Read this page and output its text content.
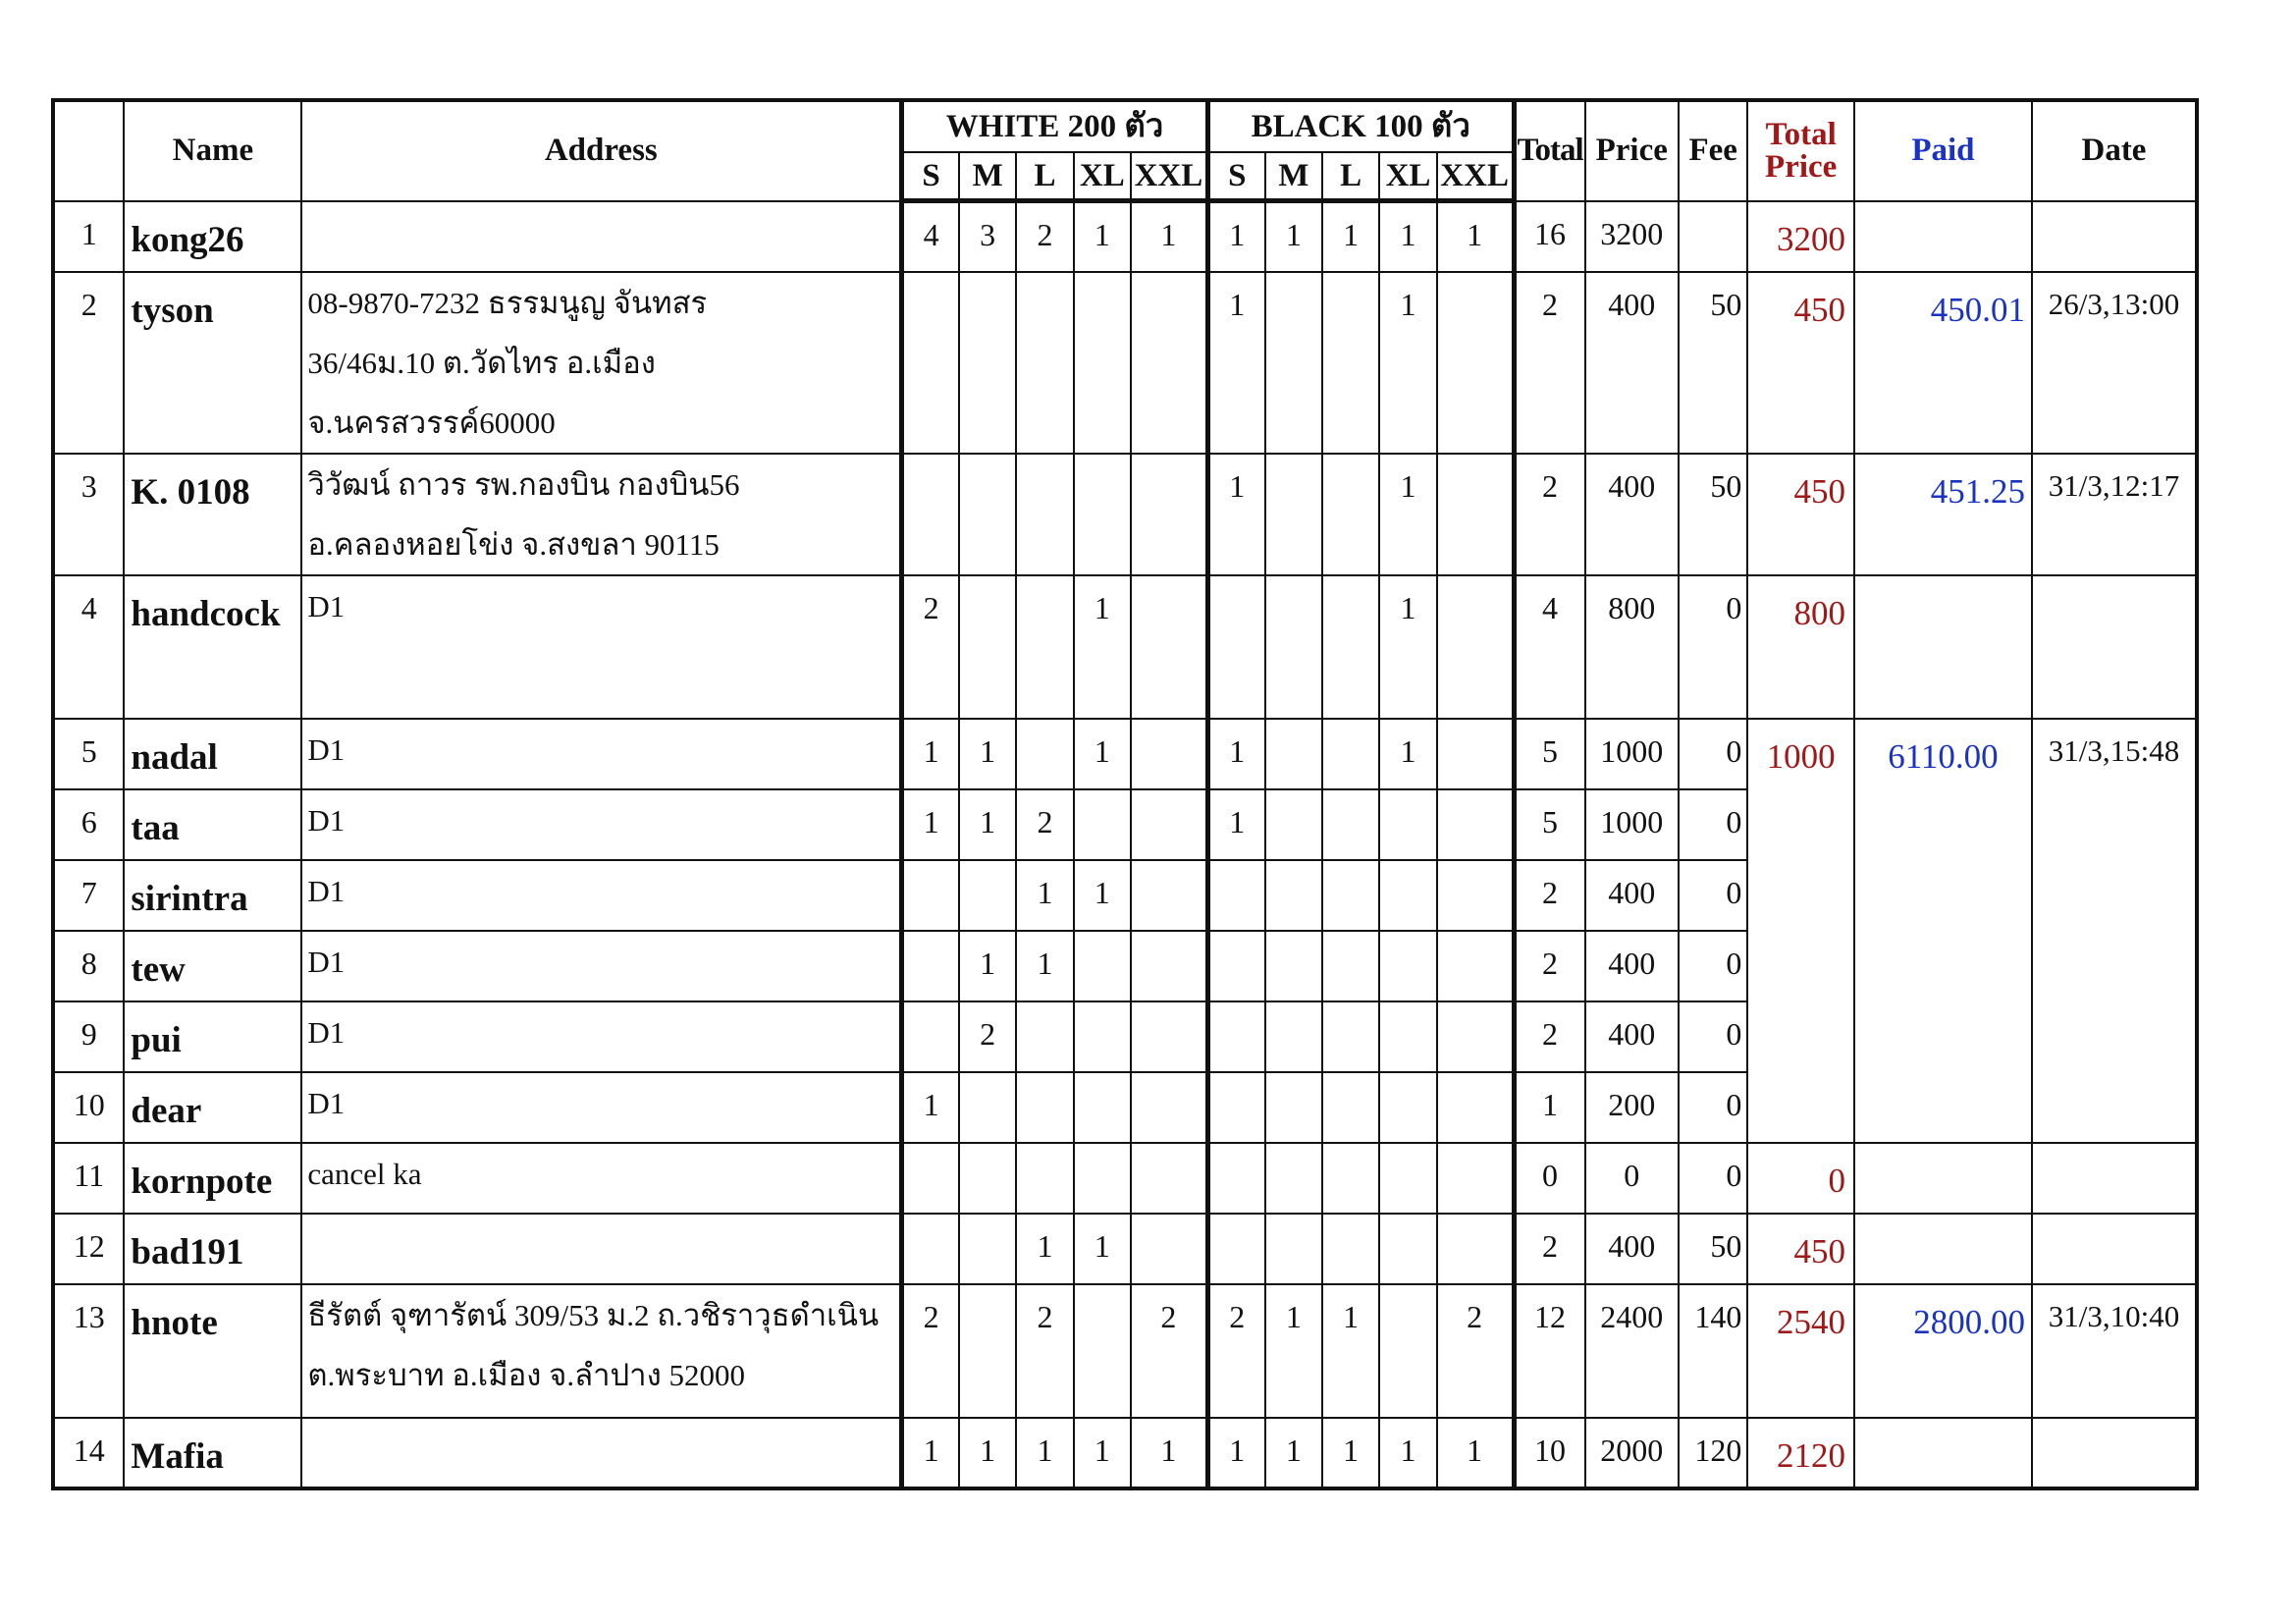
	Name	Address	WHITE 200 ตัว					BLACK 100 ตัว					Total	Price	Fee	Total Price	Paid	Date
			S	M	L	XL	XXL	S	M	L	XL	XXL						
1	kong26		4	3	2	1	1	1	1	1	1	1	16	3200		3200		
2	tyson	08-9870-7232 ธรรมนูญ จันทสร
36/46ม.10 ต.วัดไทร อ.เมือง
จ.นครสวรรค์60000						1			1		2	400	50	450	450.01	26/3,13:00
3	K. 0108	วิวัฒน์ ถาวร รพ.กองบิน กองบิน56
อ.คลองหอยโข่ง จ.สงขลา 90115						1			1		2	400	50	450	451.25	31/3,12:17
4	handcock	D1	2			1					1		4	800	0	800		
5	nadal	D1	1	1		1		1			1		5	1000	0	1000	6110.00	31/3,15:48
6	taa	D1	1	1	2			1					5	1000	0			
7	sirintra	D1			1	1							2	400	0			
8	tew	D1		1	1								2	400	0			
9	pui	D1		2									2	400	0			
10	dear	D1	1										1	200	0			
11	kornpote	cancel ka											0	0	0	0		
12	bad191				1	1							2	400	50	450		
13	hnote	ธีรัตต์ จุฑารัตน์ 309/53 ม.2 ถ.วชิราวุธดำเนิน
ต.พระบาท อ.เมือง จ.ลำปาง 52000	2		2		2	2	1	1		2	12	2400	140	2540	2800.00	31/3,10:40
14	Mafia		1	1	1	1	1	1	1	1	1	1	10	2000	120	2120		
